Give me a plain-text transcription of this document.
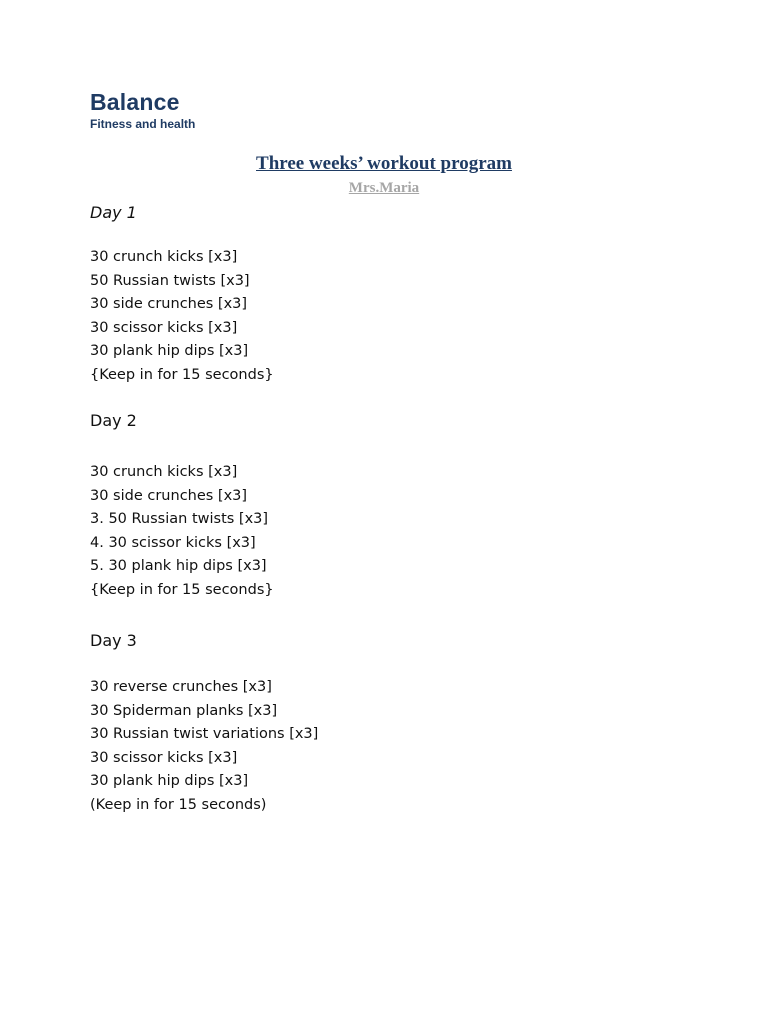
Balance
Fitness and health
Three weeks’ workout program
Mrs.Maria
Day 1
30 crunch kicks [x3]
50 Russian twists [x3]
30 side crunches [x3]
30 scissor kicks [x3]
30 plank hip dips [x3]
{Keep in for 15 seconds}
Day 2
30 crunch kicks [x3]
30 side crunches [x3]
3. 50 Russian twists [x3]
4. 30 scissor kicks [x3]
5. 30 plank hip dips [x3]
{Keep in for 15 seconds}
Day 3
30 reverse crunches [x3]
30 Spiderman planks [x3]
30 Russian twist variations [x3]
30 scissor kicks [x3]
30 plank hip dips [x3]
(Keep in for 15 seconds)
